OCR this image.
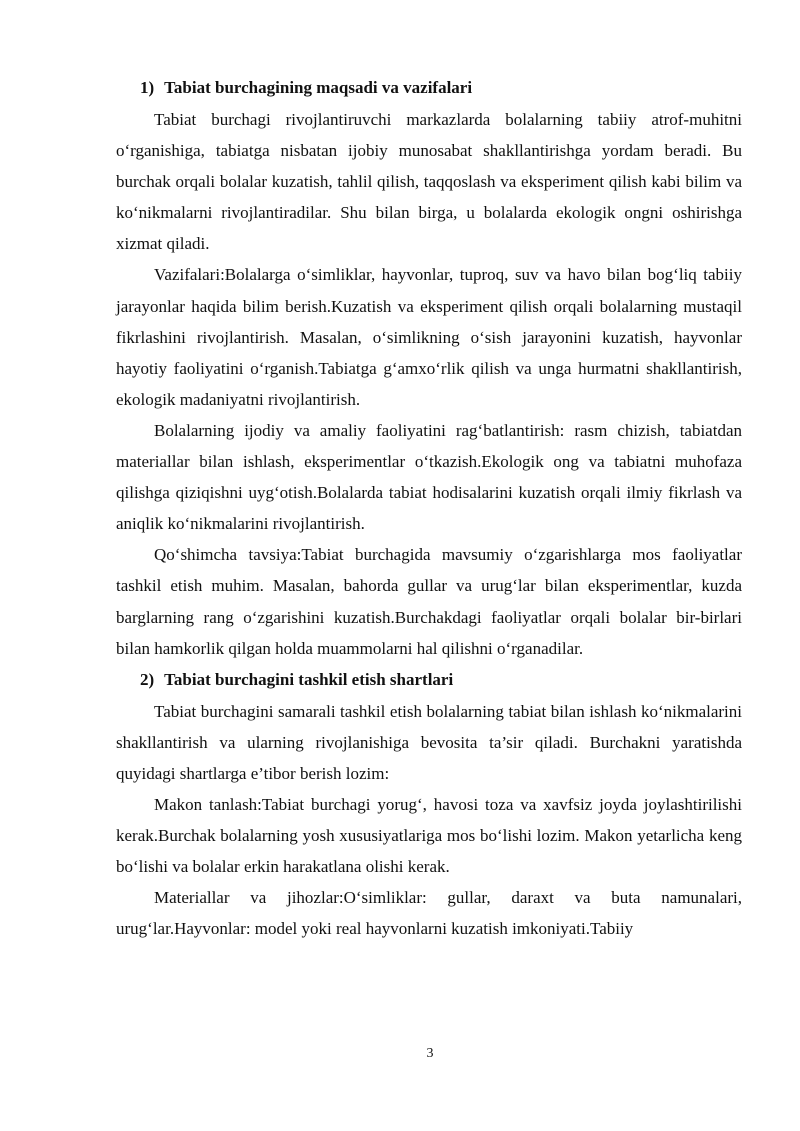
1) Tabiat burchagining maqsadi va vazifalari

Tabiat burchagi rivojlantiruvchi markazlarda bolalarning tabiiy atrof-muhitni o‘rganishiga, tabiatga nisbatan ijobiy munosabat shakllantirishga yordam beradi. Bu burchak orqali bolalar kuzatish, tahlil qilish, taqqoslash va eksperiment qilish kabi bilim va ko‘nikmalarni rivojlantiradilar. Shu bilan birga, u bolalarda ekologik ongni oshirishga xizmat qiladi.

Vazifalari:Bolalarga o‘simliklar, hayvonlar, tuproq, suv va havo bilan bog‘liq tabiiy jarayonlar haqida bilim berish.Kuzatish va eksperiment qilish orqali bolalarning mustaqil fikrlashini rivojlantirish. Masalan, o‘simlikning o‘sish jarayonini kuzatish, hayvonlar hayotiy faoliyatini o‘rganish.Tabiatga g‘amxo‘rlik qilish va unga hurmatni shakllantirish, ekologik madaniyatni rivojlantirish.

Bolalarning ijodiy va amaliy faoliyatini rag‘batlantirish: rasm chizish, tabiatdan materiallar bilan ishlash, eksperimentlar o‘tkazish.Ekologik ong va tabiatni muhofaza qilishga qiziqishni uyg‘otish.Bolalarda tabiat hodisalarini kuzatish orqali ilmiy fikrlash va aniqlik ko‘nikmalarini rivojlantirish.

Qo‘shimcha tavsiya:Tabiat burchagida mavsumiy o‘zgarishlarga mos faoliyatlar tashkil etish muhim. Masalan, bahorda gullar va urug‘lar bilan eksperimentlar, kuzda barglarning rang o‘zgarishini kuzatish.Burchakdagi faoliyatlar orqali bolalar bir-birlari bilan hamkorlik qilgan holda muammolarni hal qilishni o‘rganadilar.

2) Tabiat burchagini tashkil etish shartlari

Tabiat burchagini samarali tashkil etish bolalarning tabiat bilan ishlash ko‘nikmalarini shakllantirish va ularning rivojlanishiga bevosita ta’sir qiladi. Burchakni yaratishda quyidagi shartlarga e’tibor berish lozim:

Makon tanlash:Tabiat burchagi yorug‘, havosi toza va xavfsiz joyda joylashtirilishi kerak.Burchak bolalarning yosh xususiyatlariga mos bo‘lishi lozim. Makon yetarlicha keng bo‘lishi va bolalar erkin harakatlana olishi kerak.

Materiallar va jihozlar:O‘simliklar: gullar, daraxt va buta namunalari, urug‘lar.Hayvonlar: model yoki real hayvonlarni kuzatish imkoniyati.Tabiiy

3
